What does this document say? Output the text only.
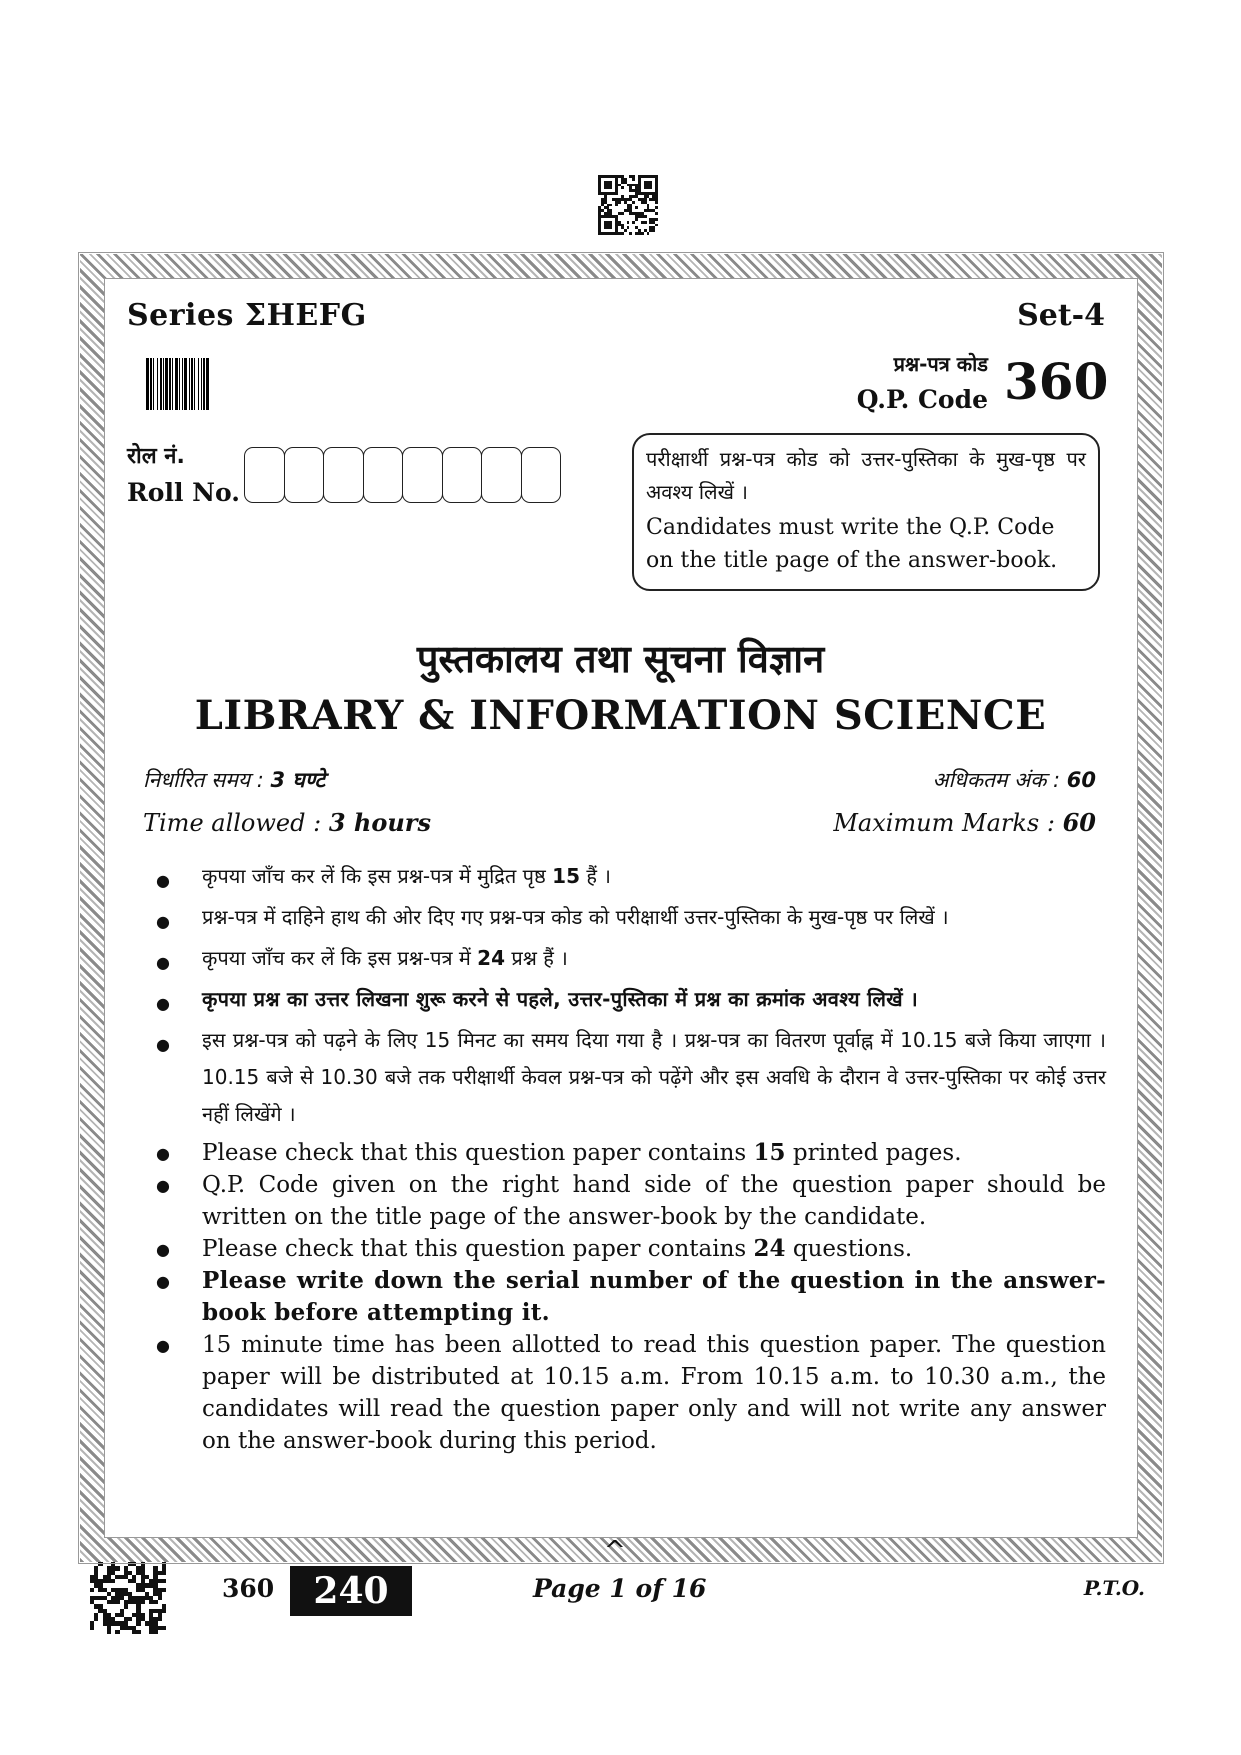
Series ΣHEFG	Set-4
प्रश्न-पत्र कोड
Q.P. Code 360
रोल नं.
Roll No.
परीक्षार्थी प्रश्न-पत्र कोड को उत्तर-पुस्तिका के मुख-पृष्ठ पर अवश्य लिखें ।
Candidates must write the Q.P. Code on the title page of the answer-book.
पुस्तकालय तथा सूचना विज्ञान
LIBRARY & INFORMATION SCIENCE
निर्धारित समय : 3 घण्टे	अधिकतम अंक : 60
Time allowed : 3 hours	Maximum Marks : 60
● कृपया जाँच कर लें कि इस प्रश्न-पत्र में मुद्रित पृष्ठ 15 हैं ।
● प्रश्न-पत्र में दाहिने हाथ की ओर दिए गए प्रश्न-पत्र कोड को परीक्षार्थी उत्तर-पुस्तिका के मुख-पृष्ठ पर लिखें ।
● कृपया जाँच कर लें कि इस प्रश्न-पत्र में 24 प्रश्न हैं ।
● कृपया प्रश्न का उत्तर लिखना शुरू करने से पहले, उत्तर-पुस्तिका में प्रश्न का क्रमांक अवश्य लिखें ।
● इस प्रश्न-पत्र को पढ़ने के लिए 15 मिनट का समय दिया गया है । प्रश्न-पत्र का वितरण पूर्वाह्न में 10.15 बजे किया जाएगा । 10.15 बजे से 10.30 बजे तक परीक्षार्थी केवल प्रश्न-पत्र को पढ़ेंगे और इस अवधि के दौरान वे उत्तर-पुस्तिका पर कोई उत्तर नहीं लिखेंगे ।
● Please check that this question paper contains 15 printed pages.
● Q.P. Code given on the right hand side of the question paper should be written on the title page of the answer-book by the candidate.
● Please check that this question paper contains 24 questions.
● Please write down the serial number of the question in the answer-book before attempting it.
● 15 minute time has been allotted to read this question paper. The question paper will be distributed at 10.15 a.m. From 10.15 a.m. to 10.30 a.m., the candidates will read the question paper only and will not write any answer on the answer-book during this period.
^
360	240	Page 1 of 16	P.T.O.
